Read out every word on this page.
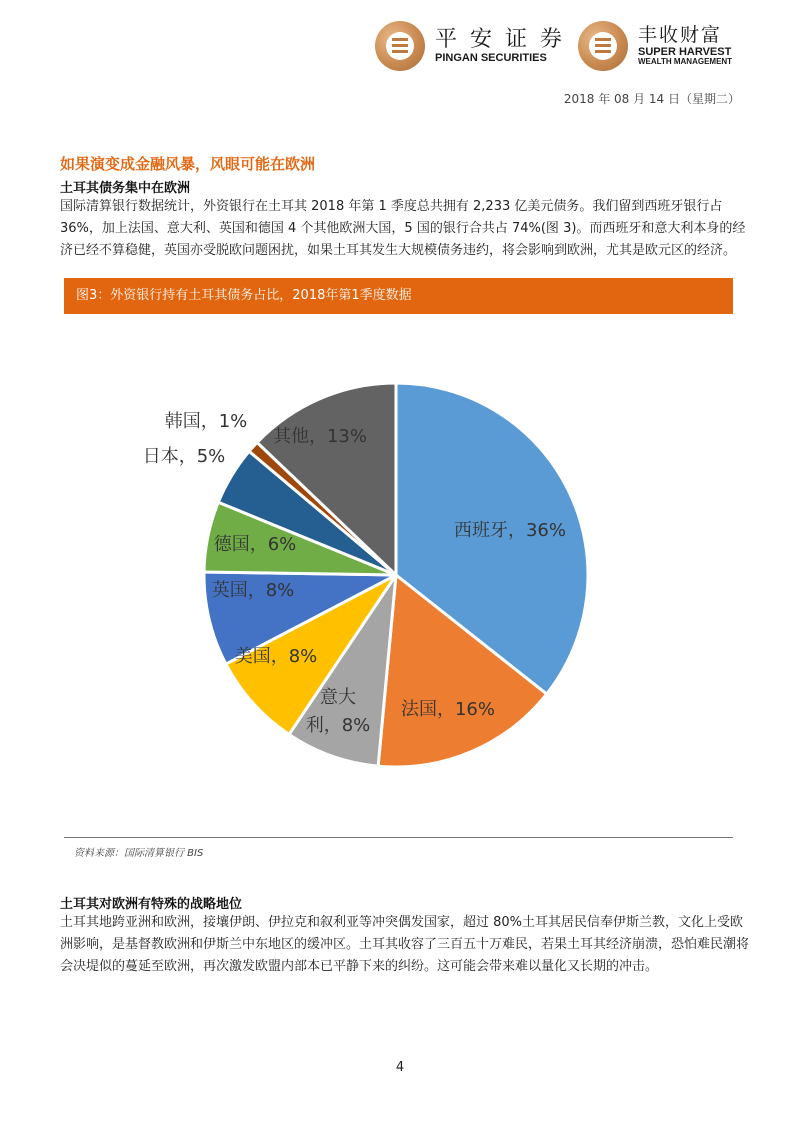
平 安 证 券
PINGAN SECURITIES
丰收财富
SUPER HARVEST
WEALTH MANAGEMENT
2018 年 08 月 14 日（星期二）
如果演变成金融风暴，风眼可能在欧洲
土耳其债务集中在欧洲
国际清算银行数据统计，外资银行在土耳其 2018 年第 1 季度总共拥有 2,233 亿美元债务。我们留到西班牙银行占 36%，加上法国、意大利、英国和德国 4 个其他欧洲大国，5 国的银行合共占 74%(图 3)。而西班牙和意大利本身的经济已经不算稳健，英国亦受脱欧问题困扰，如果土耳其发生大规模债务违约，将会影响到欧洲，尤其是欧元区的经济。
图3：外资银行持有土耳其债务占比，2018年第1季度数据
西班牙，36%
法国，16%
意大利，8%
美国，8%
英国，8%
德国，6%
日本，5%
韩国，1%
其他，13%
资料来源：国际清算银行 BIS
土耳其对欧洲有特殊的战略地位
土耳其地跨亚洲和欧洲，接壤伊朗、伊拉克和叙利亚等冲突偶发国家，超过 80%土耳其居民信奉伊斯兰教，文化上受欧洲影响，是基督教欧洲和伊斯兰中东地区的缓冲区。土耳其收容了三百五十万难民，若果土耳其经济崩溃，恐怕难民潮将会决堤似的蔓延至欧洲，再次激发欧盟内部本已平静下来的纠纷。这可能会带来难以量化又长期的冲击。
4
